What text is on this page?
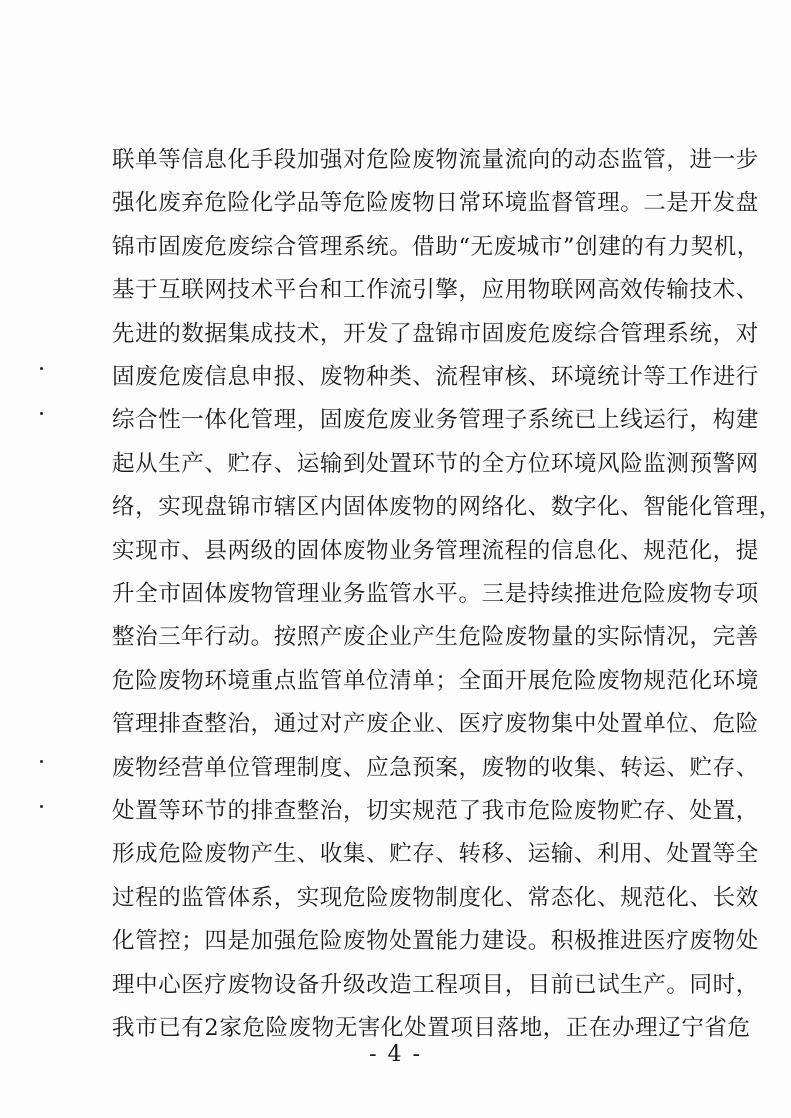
联单等信息化手段加强对危险废物流量流向的动态监管，进一步
强化废弃危险化学品等危险废物日常环境监督管理。二是开发盘
锦市固废危废综合管理系统。借助“无废城市”创建的有力契机，
基于互联网技术平台和工作流引擎，应用物联网高效传输技术、
先进的数据集成技术，开发了盘锦市固废危废综合管理系统，对
固废危废信息申报、废物种类、流程审核、环境统计等工作进行
综合性一体化管理，固废危废业务管理子系统已上线运行，构建
起从生产、贮存、运输到处置环节的全方位环境风险监测预警网
络，实现盘锦市辖区内固体废物的网络化、数字化、智能化管理，
实现市、县两级的固体废物业务管理流程的信息化、规范化，提
升全市固体废物管理业务监管水平。三是持续推进危险废物专项
整治三年行动。按照产废企业产生危险废物量的实际情况，完善
危险废物环境重点监管单位清单；全面开展危险废物规范化环境
管理排查整治，通过对产废企业、医疗废物集中处置单位、危险
废物经营单位管理制度、应急预案，废物的收集、转运、贮存、
处置等环节的排查整治，切实规范了我市危险废物贮存、处置，
形成危险废物产生、收集、贮存、转移、运输、利用、处置等全
过程的监管体系，实现危险废物制度化、常态化、规范化、长效
化管控；四是加强危险废物处置能力建设。积极推进医疗废物处
理中心医疗废物设备升级改造工程项目，目前已试生产。同时，
我市已有2家危险废物无害化处置项目落地，正在办理辽宁省危
- 4 -
